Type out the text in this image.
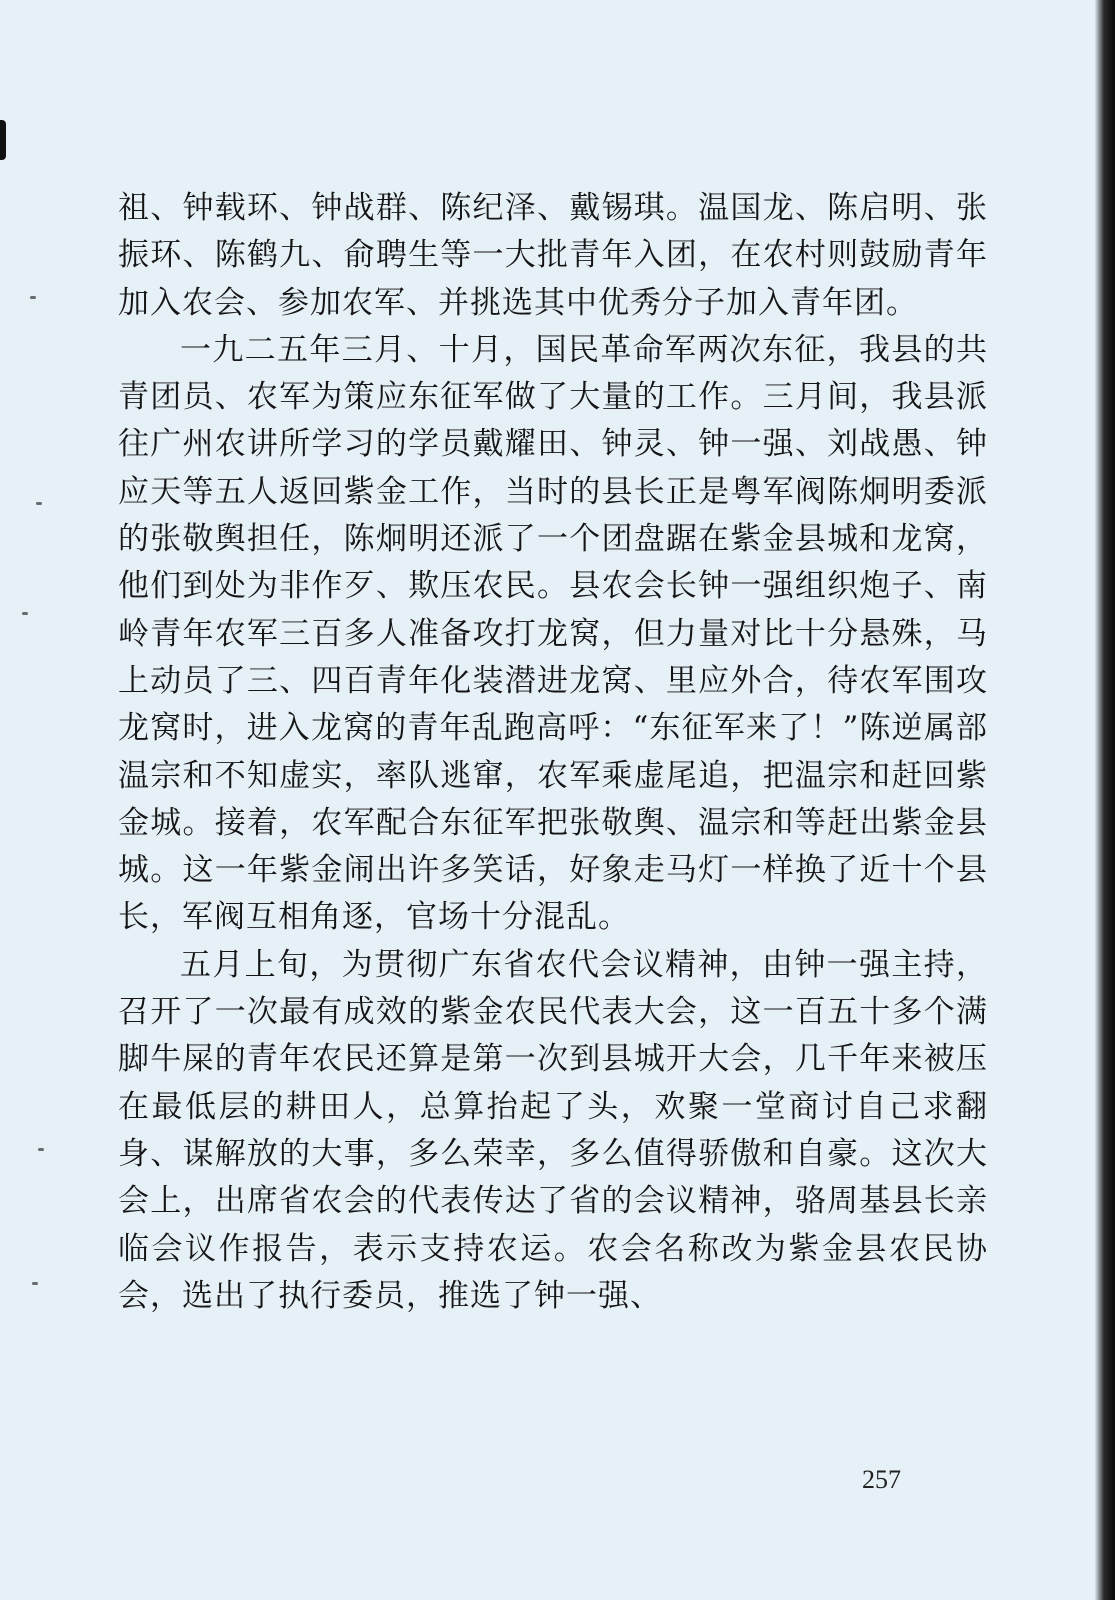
祖、钟载环、钟战群、陈纪泽、戴锡琪。温国龙、陈启明、张振环、陈鹤九、俞聘生等一大批青年入团，在农村则鼓励青年加入农会、参加农军、并挑选其中优秀分子加入青年团。

一九二五年三月、十月，国民革命军两次东征，我县的共青团员、农军为策应东征军做了大量的工作。三月间，我县派往广州农讲所学习的学员戴耀田、钟灵、钟一强、刘战愚、钟应天等五人返回紫金工作，当时的县长正是粤军阀陈炯明委派的张敬舆担任，陈炯明还派了一个团盘踞在紫金县城和龙窝，他们到处为非作歹、欺压农民。县农会长钟一强组织炮子、南岭青年农军三百多人准备攻打龙窝，但力量对比十分悬殊，马上动员了三、四百青年化装潜进龙窝、里应外合，待农军围攻龙窝时，进入龙窝的青年乱跑高呼：“东征军来了！”陈逆属部温宗和不知虚实，率队逃窜，农军乘虚尾追，把温宗和赶回紫金城。接着，农军配合东征军把张敬舆、温宗和等赶出紫金县城。这一年紫金闹出许多笑话，好象走马灯一样换了近十个县长，军阀互相角逐，官场十分混乱。

五月上旬，为贯彻广东省农代会议精神，由钟一强主持，召开了一次最有成效的紫金农民代表大会，这一百五十多个满脚牛屎的青年农民还算是第一次到县城开大会，几千年来被压在最低层的耕田人，总算抬起了头，欢聚一堂商讨自己求翻身、谋解放的大事，多么荣幸，多么值得骄傲和自豪。这次大会上，出席省农会的代表传达了省的会议精神，骆周基县长亲临会议作报告，表示支持农运。农会名称改为紫金县农民协会，选出了执行委员，推选了钟一强、

257
